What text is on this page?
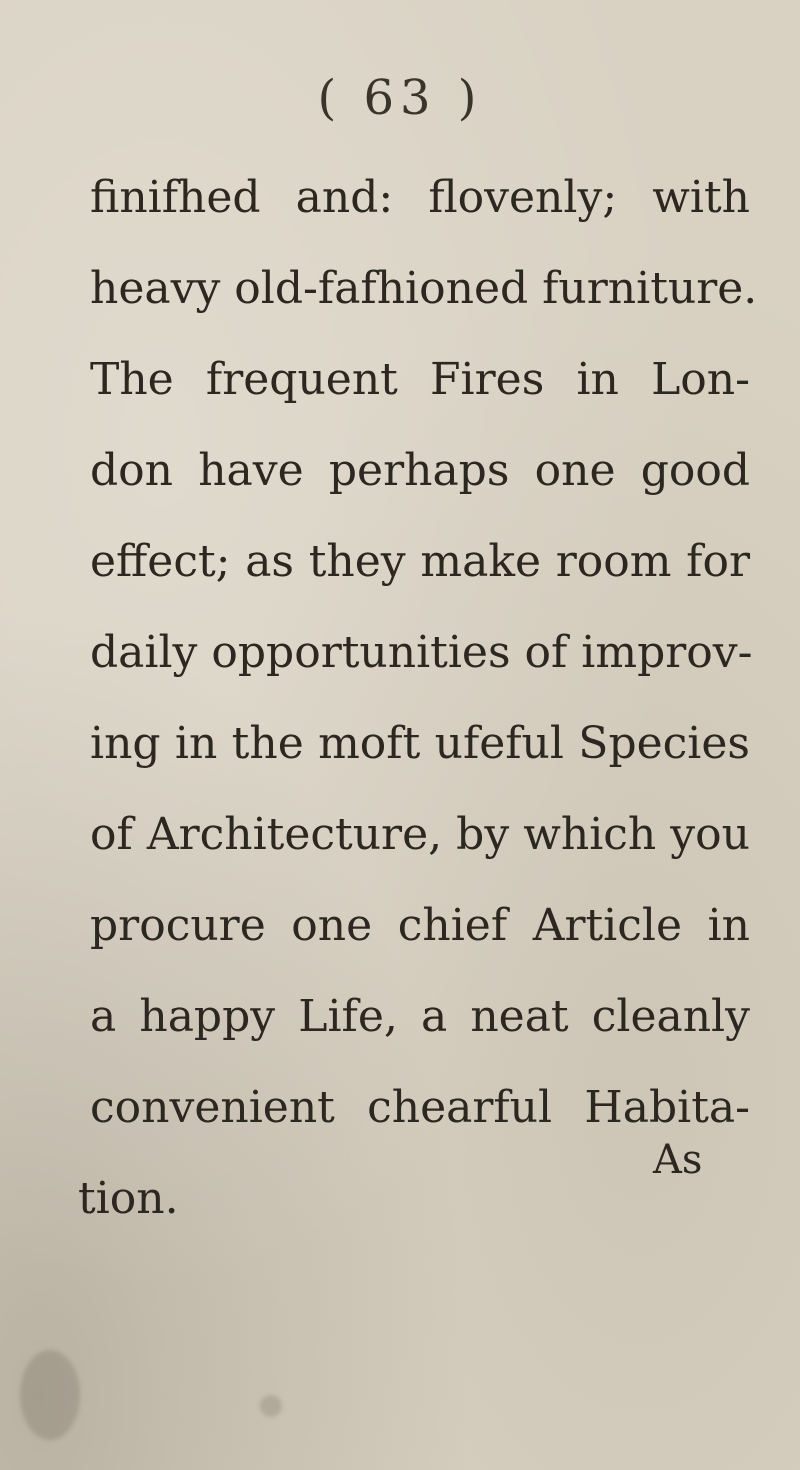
( 63 )
finifhed and: flovenly; with
heavy old-fafhioned furniture.
The frequent Fires in Lon-
don have perhaps one good
effect; as they make room for
daily opportunities of improv-
ing in the moft ufeful Species
of Architecture, by which you
procure one chief Article in
a happy Life, a neat cleanly
convenient chearful Habita-
tion.
As
